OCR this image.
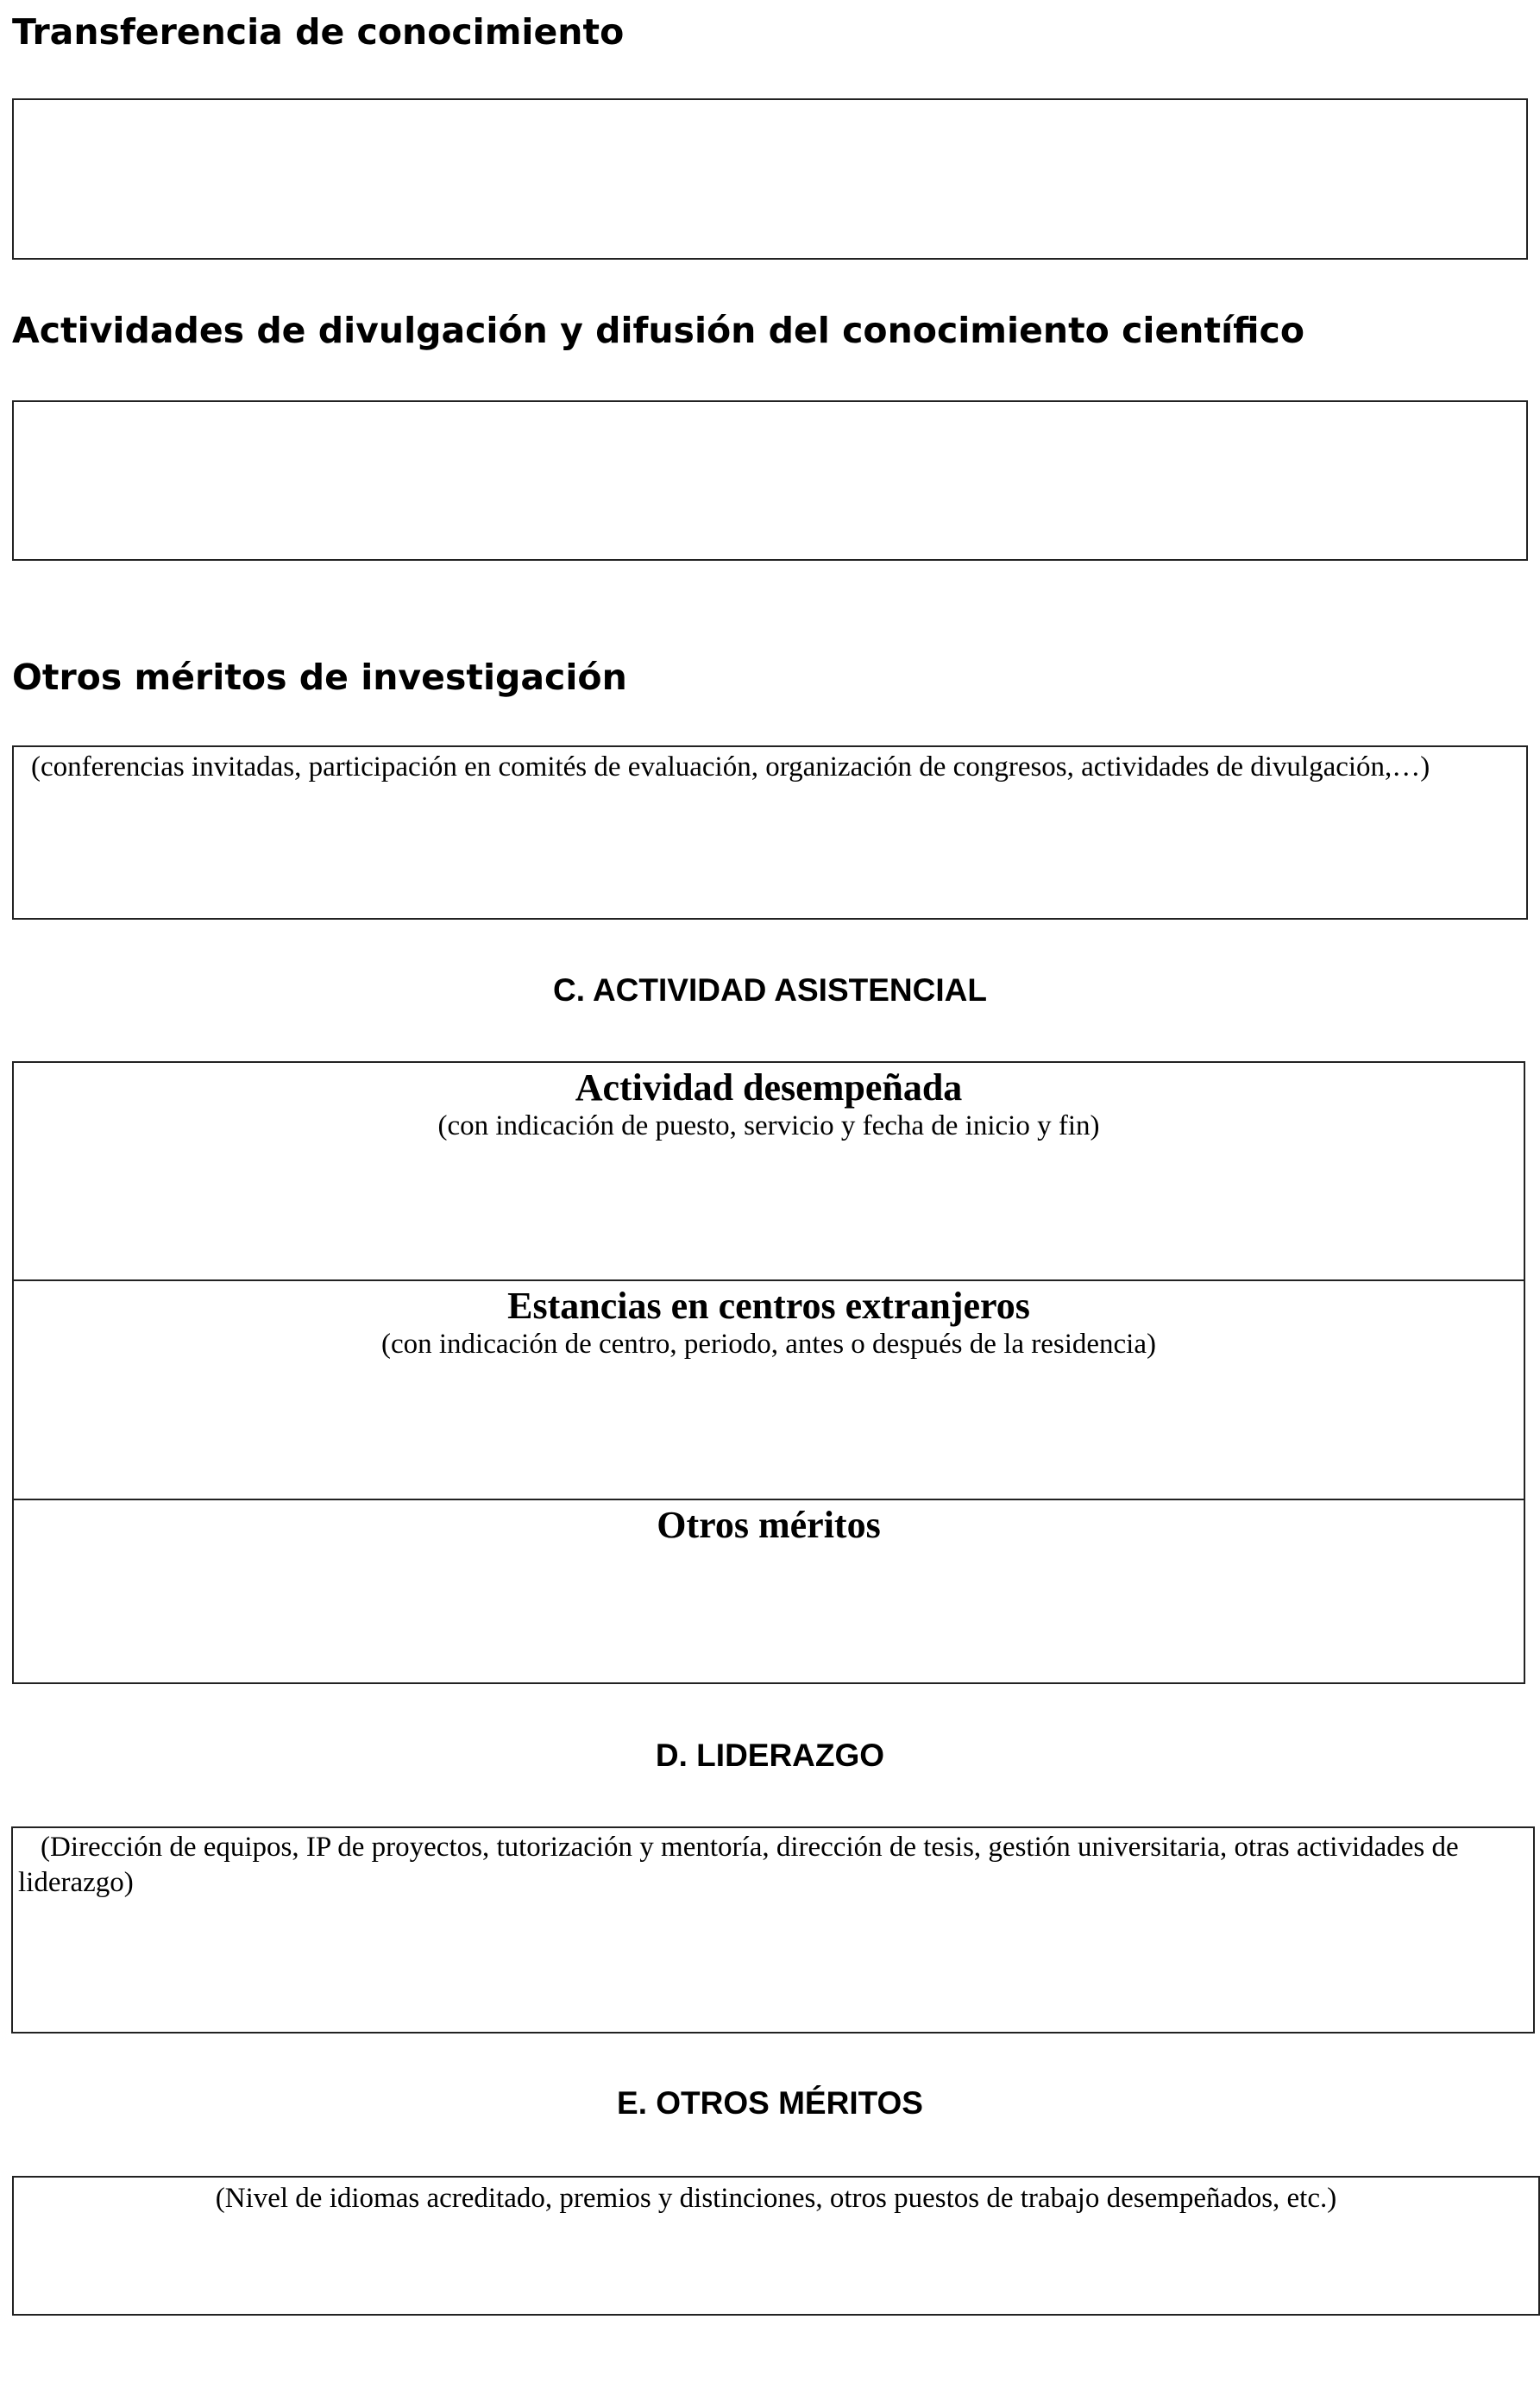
Transferencia de conocimiento
Actividades de divulgación y difusión del conocimiento científico
Otros méritos de investigación
(conferencias invitadas, participación en comités de evaluación, organización de congresos, actividades de divulgación,…)
C. ACTIVIDAD ASISTENCIAL
Actividad desempeñada
(con indicación de puesto, servicio y fecha de inicio y fin)
Estancias en centros extranjeros
(con indicación de centro, periodo, antes o después de la residencia)
Otros méritos
D. LIDERAZGO
(Dirección de equipos, IP de proyectos, tutorización y mentoría, dirección de tesis, gestión universitaria, otras actividades de liderazgo)
E. OTROS MÉRITOS
(Nivel de idiomas acreditado, premios y distinciones, otros puestos de trabajo desempeñados, etc.)
